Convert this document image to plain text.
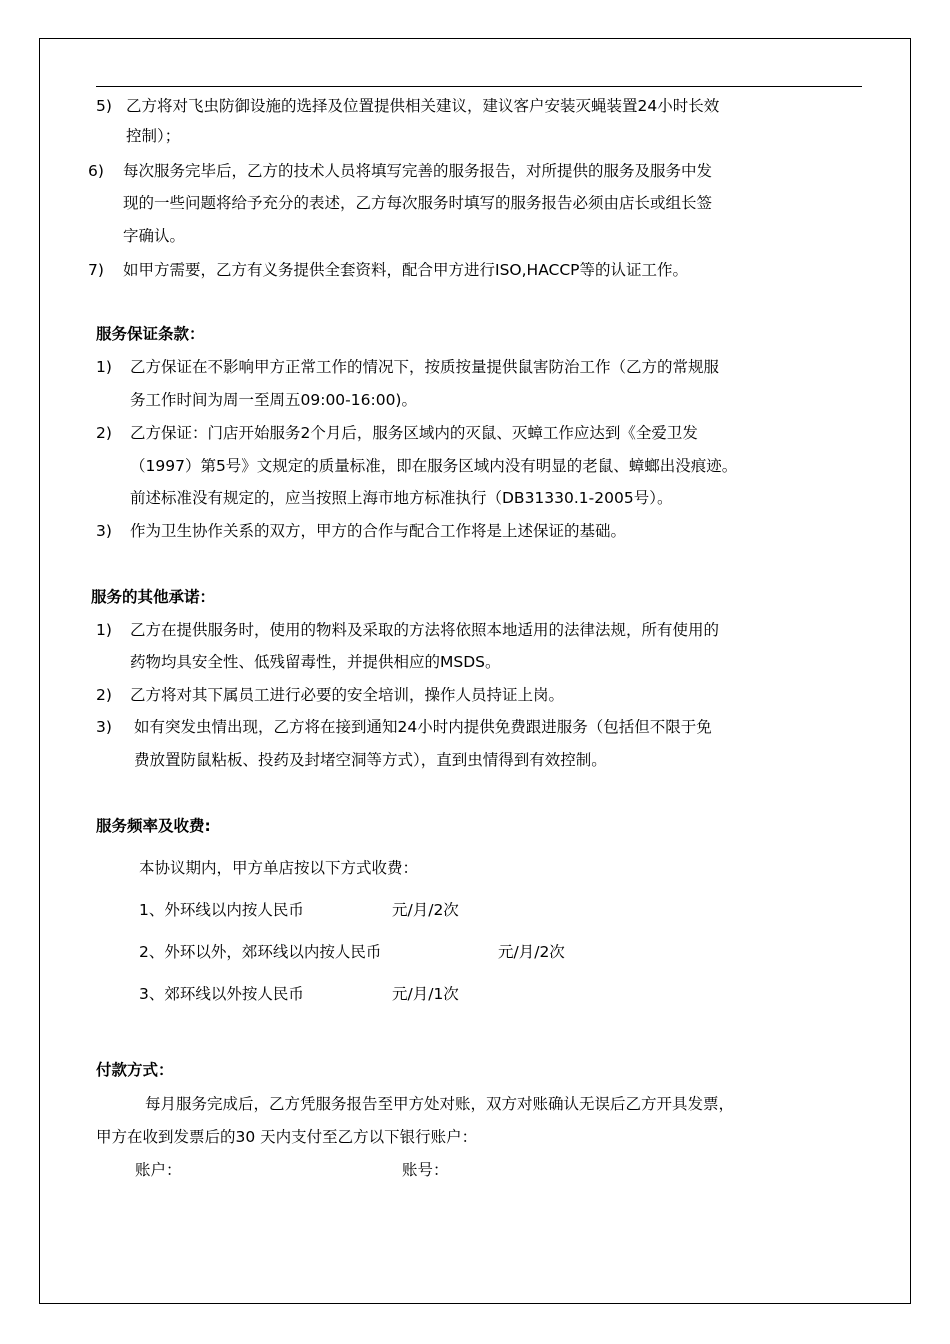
5) 乙方将对飞虫防御设施的选择及位置提供相关建议，建议客户安装灭蝇装置24小时长效
控制）；
6) 每次服务完毕后，乙方的技术人员将填写完善的服务报告，对所提供的服务及服务中发
现的一些问题将给予充分的表述，乙方每次服务时填写的服务报告必须由店长或组长签
字确认。
7) 如甲方需要，乙方有义务提供全套资料，配合甲方进行ISO,HACCP等的认证工作。
服务保证条款：
1) 乙方保证在不影响甲方正常工作的情况下，按质按量提供鼠害防治工作（乙方的常规服
务工作时间为周一至周五09:00-16:00)。
2) 乙方保证：门店开始服务2个月后，服务区域内的灭鼠、灭蟑工作应达到《全爱卫发
（1997）第5号》文规定的质量标准，即在服务区域内没有明显的老鼠、蟑螂出没痕迹。
前述标准没有规定的，应当按照上海市地方标准执行（DB31330.1-2005号）。
3) 作为卫生协作关系的双方，甲方的合作与配合工作将是上述保证的基础。
服务的其他承诺：
1) 乙方在提供服务时，使用的物料及采取的方法将依照本地适用的法律法规，所有使用的
药物均具安全性、低残留毒性，并提供相应的MSDS。
2) 乙方将对其下属员工进行必要的安全培训，操作人员持证上岗。
3) 如有突发虫情出现，乙方将在接到通知24小时内提供免费跟进服务（包括但不限于免
费放置防鼠粘板、投药及封堵空洞等方式），直到虫情得到有效控制。
服务频率及收费:
本协议期内，甲方单店按以下方式收费：
1、外环线以内按人民币	元/月/2次
2、外环以外，郊环线以内按人民币	元/月/2次
3、郊环线以外按人民币	元/月/1次
付款方式：
每月服务完成后，乙方凭服务报告至甲方处对账，双方对账确认无误后乙方开具发票，
甲方在收到发票后的30 天内支付至乙方以下银行账户：
账户：	账号：
